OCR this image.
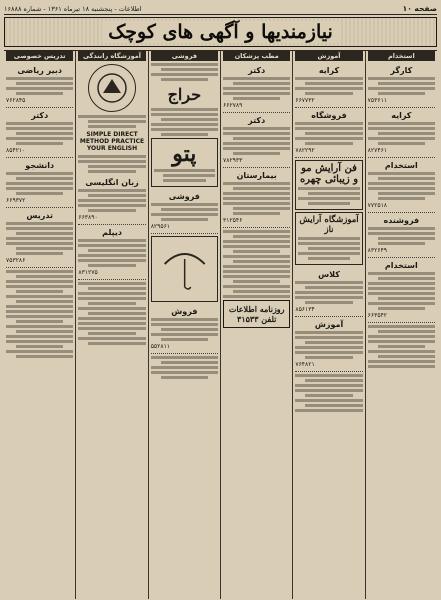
صفحه ۱۰
اطلاعات - پنجشنبه ۱۸ تیرماه ۱۳۶۱ - شماره ۱۶۸۸۸
نیازمندیها و آگهی های کوچک
استخدام
کارگر
۷۵۳۶۱۱
کرایه
۸۲۷۴۶۱
استخدام
۷۷۲۵۱۸
فروشنده
۸۳۲۶۴۹
استخدام
۶۶۳۵۴۲
آموزش
کرایه
۶۶۷۷۳۲
فروشگاه
۷۸۲۲۹۲
فن آرایش مو و زیبائی چهره
آموزشگاه آرایش ناز
کلاس
۸۵۶۱۳۴
آموزش
۷۶۴۸۲۱
مطب پزشکان
دکتر
۶۶۲۷۸۹
دکتر
۷۸۲۹۳۳
بیمارستان
۳۱۲۵۴۶
روزنامه اطلاعات تلفن ۳۱۵۳۳
فروشی
حراج
پتو
فروشی
۸۲۹۵۶۱
فروش
۵۵۲۸۱۱
آموزشگاه رانندگی
SIMPLE DIRECT METHOD PRACTICE YOUR ENGLISH
زبان انگلیسی
۶۶۳۸۹۰
دیپلم
۸۳۱۲۷۵
تدریس خصوصی
دبیر ریاضی
۷۶۲۸۴۵
دکتر
۸۵۴۲۱۰
دانشجو
۶۶۹۳۷۲
تدریس
۷۵۳۲۸۶
